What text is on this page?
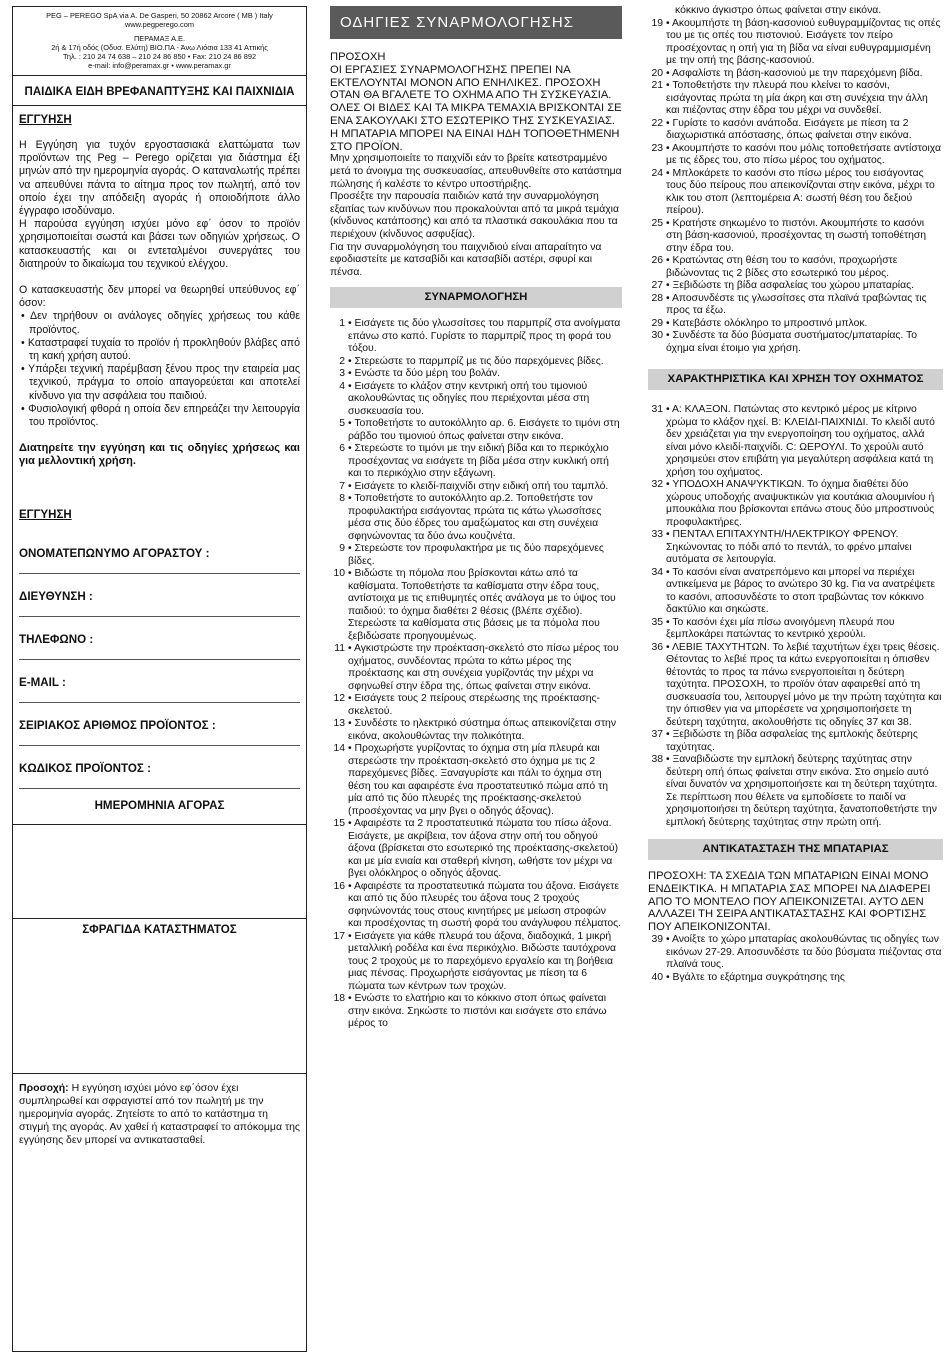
PEG – PEREGO SpA via A. De Gasperi, 50 20862 Arcore ( MB ) Italy

www.pegperego.com

ΠΕΡΑΜΑΞ Α.Ε.

2ή & 17ή οδός (Οδυσ. Ελύτη) ΒΙΟ.ΠΑ - Άνω Λιόσια 133 41 Αττικής

Τηλ. : 210 24 74 638 – 210 24 86 850 • Fax: 210 24 86 892

e-mail: info@peramax.gr • www.peramax.gr

ΠΑΙΔΙΚΑ ΕΙΔΗ ΒΡΕΦΑΝΑΠΤΥΞΗΣ ΚΑΙ ΠΑΙΧΝΙΔΙΑ
ΕΓΓΥΗΣΗ

Η Εγγύηση για τυχόν εργοστασιακά ελαττώματα των προϊόντων της Peg – Perego ορίζεται για διάστημα έξι μηνών από την ημερομηνία αγοράς. Ο καταναλωτής πρέπει να απευθύνει πάντα το αίτημα προς τον πωλητή, από τον οποίο έχει την απόδειξη αγοράς ή οποιοδήποτε άλλο έγγραφο ισοδύναμο.

Η παρούσα εγγύηση ισχύει μόνο εφ΄ όσον το προϊόν χρησιμοποιείται σωστά και βάσει των οδηγιών χρήσεως. Ο κατασκευαστής και οι εντεταλμένοι συνεργάτες του διατηρούν το δικαίωμα του τεχνικού ελέγχου.

Ο κατασκευαστής δεν μπορεί να θεωρηθεί υπεύθυνος εφ΄ όσον:

• Δεν τηρήθουν οι ανάλογες οδηγίες χρήσεως του κάθε προϊόντος.

• Καταστραφεί τυχαία το προϊόν ή προκληθούν βλάβες από τη κακή χρήση αυτού.

• Υπάρξει τεχνική παρέμβαση ξένου προς την εταιρεία μας τεχνικού, πράγμα το οποίο απαγορεύεται και αποτελεί κίνδυνο για την ασφάλεια του παιδιού.

• Φυσιολογική φθορά η οποία δεν επηρεάζει την λειτουργία του προϊόντος.

Διατηρείτε την εγγύηση και τις οδηγίες χρήσεως και για μελλοντική χρήση.

ΕΓΓΥΗΣΗ
ΟΝΟΜΑΤΕΠΩΝΥΜΟ ΑΓΟΡΑΣΤΟΥ :
ΔΙΕΥΘΥΝΣΗ :
ΤΗΛΕΦΩΝΟ :
E-MAIL :
ΣΕΙΡΙΑΚΟΣ ΑΡΙΘΜΟΣ ΠΡΟΪΟΝΤΟΣ :
ΚΩΔΙΚΟΣ ΠΡΟΪΟΝΤΟΣ :
ΗΜΕΡΟΜΗΝΙΑ ΑΓΟΡΑΣ
ΣΦΡΑΓΙΔΑ ΚΑΤΑΣΤΗΜΑΤΟΣ
Προσοχή: Η εγγύηση ισχύει μόνο εφ΄όσον έχει συμπληρωθεί και σφραγιστεί από τον πωλητή με την ημερομηνία αγοράς. Ζητείστε το από το κατάστημα τη στιγμή της αγοράς. Αν χαθεί ή καταστραφεί το απόκομμα της εγγύησης δεν μπορεί να αντικατασταθεί.
ΟΔΗΓΙΕΣ ΣΥΝΑΡΜΟΛΟΓΗΣΗΣ
ΠΡΟΣΟΧΗ
ΟΙ ΕΡΓΑΣΙΕΣ ΣΥΝΑΡΜΟΛΟΓΗΣΗΣ ΠΡΕΠΕΙ ΝΑ ΕΚΤΕΛΟΥΝΤΑΙ ΜΟΝΟΝ ΑΠΟ ΕΝΗΛΙΚΕΣ. ΠΡΟΣΟΧΗ ΟΤΑΝ ΘΑ ΒΓΑΛΕΤΕ ΤΟ ΟΧΗΜΑ ΑΠΟ ΤΗ ΣΥΣΚΕΥΑΣΙΑ. ΟΛΕΣ ΟΙ ΒΙΔΕΣ ΚΑΙ ΤΑ ΜΙΚΡΑ ΤΕΜΑΧΙΑ ΒΡΙΣΚΟΝΤΑΙ ΣΕ ΕΝΑ ΣΑΚΟΥΛΑΚΙ ΣΤΟ ΕΣΩΤΕΡΙΚΟ ΤΗΣ ΣΥΣΚΕΥΑΣΙΑΣ. Η ΜΠΑΤΑΡΙΑ ΜΠΟΡΕΙ ΝΑ ΕΙΝΑΙ ΗΔΗ ΤΟΠΟΘΕΤΗΜΕΝΗ ΣΤΟ ΠΡΟΪΟΝ.
Μην χρησιμοποιείτε το παιχνίδι εάν το βρείτε κατεστραμμένο μετά το άνοιγμα της συσκευασίας, απευθυνθείτε στο κατάστημα πώλησης ή καλέστε το κέντρο υποστήριξης.
Προσέξτε την παρουσία παιδιών κατά την συναρμολόγηση εξαιτίας των κινδύνων που προκαλούνται από τα μικρά τεμάχια (κίνδυνος κατάποσης) και από τα πλαστικά σακουλάκια που τα περιέχουν (κίνδυνος ασφυξίας).
Για την συναρμολόγηση του παιχνιδιού είναι απαραίτητο να εφοδιαστείτε με κατσαβίδι και κατσαβίδι αστέρι, σφυρί και πένσα.
ΣΥΝΑΡΜΟΛΟΓΗΣΗ
1 • Εισάγετε τις δύο γλωσσίτσες του παρμπρίζ στα ανοίγματα επάνω στο καπό. Γυρίστε το παρμπρίζ προς τη φορά του τόξου.
2 • Στερεώστε το παρμπρίζ με τις δύο παρεχόμενες βίδες.
3 • Ενώστε τα δύο μέρη του βολάν.
4 • Εισάγετε το κλάξον στην κεντρική οπή του τιμονιού ακολουθώντας τις οδηγίες που περιέχονται μέσα στη συσκευασία του.
5 • Τοποθετήστε το αυτοκόλλητο αρ. 6. Εισάγετε το τιμόνι στη ράβδο του τιμονιού όπως φαίνεται στην εικόνα.
6 • Στερεώστε το τιμόνι με την ειδική βίδα και το περικόχλιο προσέχοντας να εισάγετε τη βίδα μέσα στην κυκλική οπή και το περικόχλιο στην εξάγωνη.
7 • Εισάγετε το κλειδί-παιχνίδι στην ειδική οπή του ταμπλό.
8 • Τοποθετήστε το αυτοκόλλητο αρ.2. Τοποθετήστε τον προφυλακτήρα εισάγοντας πρώτα τις κάτω γλωσσίτσες μέσα στις δύο έδρες του αμαξώματος και στη συνέχεια σφηνώνοντας τα δύο άνω κουζινέτα.
9 • Στερεώστε τον προφυλακτήρα με τις δύο παρεχόμενες βίδες.
10 • Βιδώστε τη πόμολα που βρίσκονται κάτω από τα καθίσματα. Τοποθετήστε τα καθίσματα στην έδρα τους, αντίστοιχα με τις επιθυμητές οπές ανάλογα με το ύψος του παιδιού: το όχημα διαθέτει 2 θέσεις (βλέπε σχέδιο). Στερεώστε τα καθίσματα στις βάσεις με τα πόμολα που ξεβιδώσατε προηγουμένως.
11 • Αγκιστρώστε την προέκταση-σκελετό στο πίσω μέρος του οχήματος, συνδέοντας πρώτα το κάτω μέρος της προέκτασης και στη συνέχεια γυρίζοντάς την μέχρι να σφηνωθεί στην έδρα της, όπως φαίνεται στην εικόνα.
12 • Εισάγετε τους 2 πείρους στερέωσης της προέκτασης-σκελετού.
13 • Συνδέστε το ηλεκτρικό σύστημα όπως απεικονίζεται στην εικόνα, ακολουθώντας την πολικότητα.
14 • Προχωρήστε γυρίζοντας το όχημα στη μία πλευρά και στερεώστε την προέκταση-σκελετό στο όχημα με τις 2 παρεχόμενες βίδες. Ξαναγυρίστε και πάλι το όχημα στη θέση του και αφαιρέστε ένα προστατευτικό πώμα από τη μία από τις δύο πλευρές της προέκτασης-σκελετού (προσέχοντας να μην βγει ο οδηγός άξονας).
15 • Αφαιρέστε τα 2 προστατευτικά πώματα του πίσω άξονα. Εισάγετε, με ακρίβεια, τον άξονα στην οπή του οδηγού άξονα (βρίσκεται στο εσωτερικό της προέκτασης-σκελετού) και με μία ενιαία και σταθερή κίνηση, ωθήστε τον μέχρι να βγει ολόκληρος ο οδηγός άξονας.
16 • Αφαιρέστε τα προστατευτικά πώματα του άξονα. Εισάγετε και από τις δύο πλευρές του άξονα τους 2 τροχούς σφηνώνοντάς τους στους κινητήρες με μείωση στροφών και προσέχοντας τη σωστή φορά του ανάγλυφου πέλματος.
17 • Εισάγετε για κάθε πλευρά του άξονα, διαδοχικά, 1 μικρή μεταλλική ροδέλα και ένα περικόχλιο. Βιδώστε ταυτόχρονα τους 2 τροχούς με το παρεχόμενο εργαλείο και τη βοήθεια μιας πένσας. Προχωρήστε εισάγοντας με πίεση τα 6 πώματα των κέντρων των τροχών.
18 • Ενώστε το ελατήριο και το κόκκινο στοπ όπως φαίνεται στην εικόνα. Σηκώστε το πιστόνι και εισάγετε στο επάνω μέρος το
κόκκινο άγκιστρο όπως φαίνεται στην εικόνα.
19 • Ακουμπήστε τη βάση-κασονιού ευθυγραμμίζοντας τις οπές του με τις οπές του πιστονιού. Εισάγετε τον πείρο προσέχοντας η οπή για τη βίδα να είναι ευθυγραμμισμένη με την οπή της βάσης-κασονιού.
20 • Ασφαλίστε τη βάση-κασονιού με την παρεχόμενη βίδα.
21 • Τοποθετήστε την πλευρά που κλείνει το κασόνι, εισάγοντας πρώτα τη μία άκρη και στη συνέχεια την άλλη και πιέζοντας στην έδρα του μέχρι να συνδεθεί.
22 • Γυρίστε το κασόνι ανάποδα. Εισάγετε με πίεση τα 2 διαχωριστικά απόστασης, όπως φαίνεται στην εικόνα.
23 • Ακουμπήστε το κασόνι που μόλις τοποθετήσατε αντίστοιχα με τις έδρες του, στο πίσω μέρος του οχήματος.
24 • Μπλοκάρετε το κασόνι στο πίσω μέρος του εισάγοντας τους δύο πείρους που απεικονίζονται στην εικόνα, μέχρι το κλικ του στοπ (λεπτομέρεια Α: σωστή θέση του δεξιού πείρου).
25 • Κρατήστε σηκωμένο το πιστόνι. Ακουμπήστε το κασόνι στη βάση-κασονιού, προσέχοντας τη σωστή τοποθέτηση στην έδρα του.
26 • Κρατώντας στη θέση του το κασόνι, προχωρήστε βιδώνοντας τις 2 βίδες στο εσωτερικό του μέρος.
27 • Ξεβιδώστε τη βίδα ασφαλείας του χώρου μπαταρίας.
28 • Αποσυνδέστε τις γλωσσίτσες στα πλαϊνά τραβώντας τις προς τα έξω.
29 • Κατεβάστε ολόκληρο το μπροστινό μπλοκ.
30 • Συνδέστε τα δύο βύσματα συστήματος/μπαταρίας. Το όχημα είναι έτοιμο για χρήση.
ΧΑΡΑΚΤΗΡΙΣΤΙΚΑ ΚΑΙ ΧΡΗΣΗ ΤΟΥ ΟΧΗΜΑΤΟΣ
31 • A: ΚΛΑΞΟΝ. Πατώντας στο κεντρικό μέρος με κίτρινο χρώμα το κλάξον ηχεί. B: ΚΛΕΙΔΙ-ΠΑΙΧΝΙΔΙ. Το κλειδί αυτό δεν χρειάζεται για την ενεργοποίηση του οχήματος, αλλά είναι μόνο κλειδί-παιχνίδι. C: ΩΕΡΟΥΛΙ. Το χερούλι αυτό χρησιμεύει στον επιβάτη για μεγαλύτερη ασφάλεια κατά τη χρήση του οχήματος.
32 • ΥΠΟΔΟΧΗ ΑΝΑΨΥΚΤΙΚΩΝ. Το όχημα διαθέτει δύο χώρους υποδοχής αναψυκτικών για κουτάκια αλουμινίου ή μπουκάλια που βρίσκονται επάνω στους δύο μπροστινούς προφυλακτήρες.
33 • ΠΕΝΤΑΛ ΕΠΙΤΑΧΥΝΤΗ/ΗΛΕΚΤΡΙΚΟΥ ΦΡΕΝΟΥ. Σηκώνοντας το πόδι από το πεντάλ, το φρένο μπαίνει αυτόματα σε λειτουργία.
34 • Το κασόνι είναι ανατρεπόμενο και μπορεί να περιέχει αντικείμενα με βάρος το ανώτερο 30 kg. Για να ανατρέψετε το κασόνι, αποσυνδέστε το στοπ τραβώντας τον κόκκινο δακτύλιο και σηκώστε.
35 • Το κασόνι έχει μία πίσω ανοιγόμενη πλευρά που ξεμπλοκάρει πατώντας το κεντρικό χερούλι.
36 • ΛΕΒΙΕ ΤΑΧΥΤΗΤΩΝ. Το λεβιέ ταχυτήτων έχει τρεις θέσεις. Θέτοντας το λεβιέ προς τα κάτω ενεργοποιείται η όπισθεν θέτοντάς το προς τα πάνω ενεργοποιείται η δεύτερη ταχύτητα. ΠΡΟΣΟΧΗ, το προϊόν όταν αφαιρεθεί από τη συσκευασία του, λειτουργεί μόνο με την πρώτη ταχύτητα και την όπισθεν για να μπορέσετε να χρησιμοποιήσετε τη δεύτερη ταχύτητα, ακολουθήστε τις οδηγίες 37 και 38.
37 • Ξεβιδώστε τη βίδα ασφαλείας της εμπλοκής δεύτερης ταχύτητας.
38 • Ξαναβιδώστε την εμπλοκή δεύτερης ταχύτητας στην δεύτερη οπή όπως φαίνεται στην εικόνα. Στο σημείο αυτό είναι δυνατόν να χρησιμοποιήσετε και τη δεύτερη ταχύτητα. Σε περίπτωση που θέλετε να εμποδίσετε το παιδί να χρησιμοποιήσει τη δεύτερη ταχύτητα, ξανατοποθετήστε την εμπλοκή δεύτερης ταχύτητας στην πρώτη οπή.
ΑΝΤΙΚΑΤΑΣΤΑΣΗ ΤΗΣ ΜΠΑΤΑΡΙΑΣ
ΠΡΟΣΟΧΗ: ΤΑ ΣΧΕΔΙΑ ΤΩΝ ΜΠΑΤΑΡΙΩΝ ΕΙΝΑΙ ΜΟΝΟ ΕΝΔΕΙΚΤΙΚΑ. Η ΜΠΑΤΑΡΙΑ ΣΑΣ ΜΠΟΡΕΙ ΝΑ ΔΙΑΦΕΡΕΙ ΑΠΟ ΤΟ ΜΟΝΤΕΛΟ ΠΟΥ ΑΠΕΙΚΟΝΙΖΕΤΑΙ. ΑΥΤΟ ΔΕΝ ΑΛΛΑΖΕΙ ΤΗ ΣΕΙΡΑ ΑΝΤΙΚΑΤΑΣΤΑΣΗΣ ΚΑΙ ΦΟΡΤΙΣΗΣ ΠΟΥ ΑΠΕΙΚΟΝΙΖΟΝΤΑΙ.
39 • Ανοίξτε το χώρο μπαταρίας ακολουθώντας τις οδηγίες των εικόνων 27-29. Αποσυνδέστε τα δύο βύσματα πιέζοντας στα πλαϊνά τους.
40 • Βγάλτε το εξάρτημα συγκράτησης της
